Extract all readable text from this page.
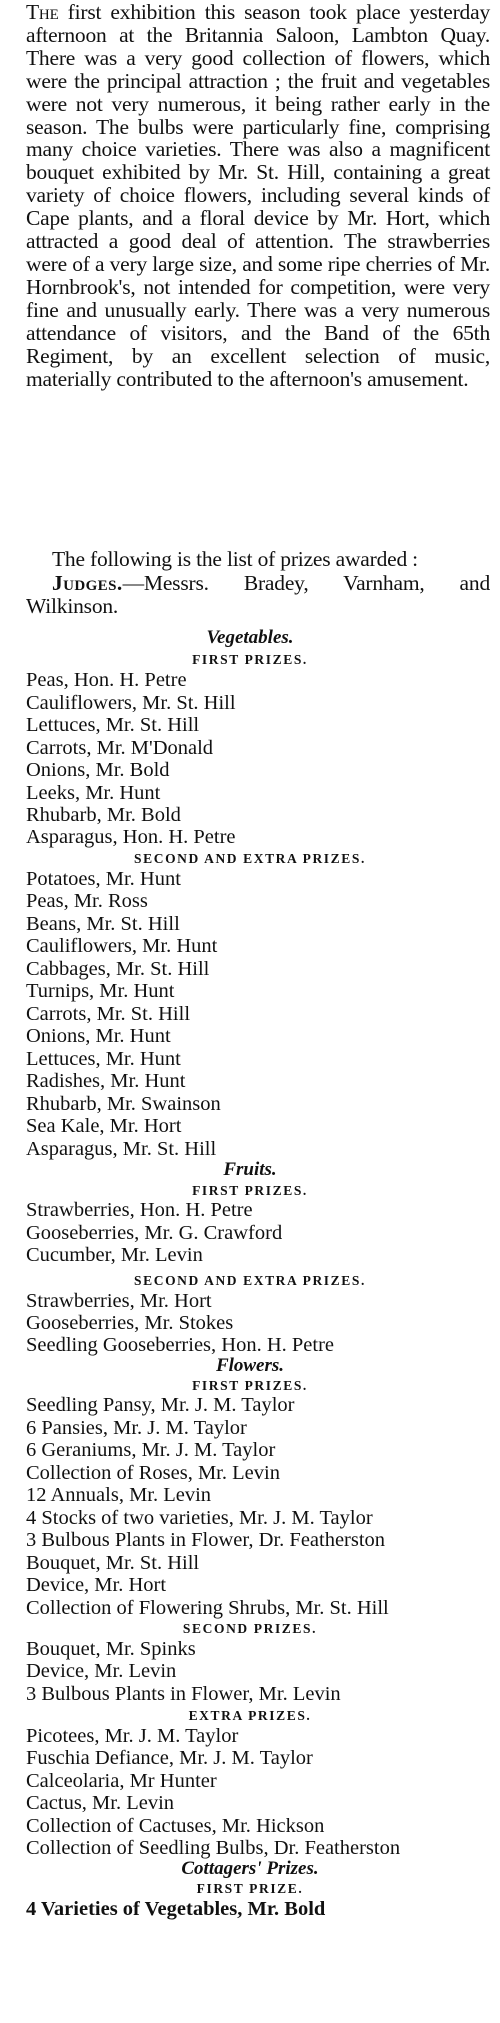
The first exhibition this season took place yesterday afternoon at the Britannia Saloon, Lambton Quay. There was a very good collection of flowers, which were the principal attraction ; the fruit and vegetables were not very numerous, it being rather early in the season. The bulbs were particularly fine, comprising many choice varieties. There was also a magnificent bouquet exhibited by Mr. St. Hill, containing a great variety of choice flowers, including several kinds of Cape plants, and a floral device by Mr. Hort, which attracted a good deal of attention. The strawberries were of a very large size, and some ripe cherries of Mr. Hornbrook's, not intended for competition, were very fine and unusually early. There was a very numerous attendance of visitors, and the Band of the 65th Regiment, by an excellent selection of music, materially contributed to the afternoon's amusement.

The following is the list of prizes awarded :

Judges.—Messrs. Bradey, Varnham, and Wilkinson.

Vegetables.
FIRST PRIZES.
Peas, Hon. H. Petre
Cauliflowers, Mr. St. Hill
Lettuces, Mr. St. Hill
Carrots, Mr. M'Donald
Onions, Mr. Bold
Leeks, Mr. Hunt
Rhubarb, Mr. Bold
Asparagus, Hon. H. Petre
SECOND AND EXTRA PRIZES.
Potatoes, Mr. Hunt
Peas, Mr. Ross
Beans, Mr. St. Hill
Cauliflowers, Mr. Hunt
Cabbages, Mr. St. Hill
Turnips, Mr. Hunt
Carrots, Mr. St. Hill
Onions, Mr. Hunt
Lettuces, Mr. Hunt
Radishes, Mr. Hunt
Rhubarb, Mr. Swainson
Sea Kale, Mr. Hort
Asparagus, Mr. St. Hill
Fruits.
FIRST PRIZES.
Strawberries, Hon. H. Petre
Gooseberries, Mr. G. Crawford
Cucumber, Mr. Levin
SECOND AND EXTRA PRIZES.
Strawberries, Mr. Hort
Gooseberries, Mr. Stokes
Seedling Gooseberries, Hon. H. Petre
Flowers.
FIRST PRIZES.
Seedling Pansy, Mr. J. M. Taylor
6 Pansies, Mr. J. M. Taylor
6 Geraniums, Mr. J. M. Taylor
Collection of Roses, Mr. Levin
12 Annuals, Mr. Levin
4 Stocks of two varieties, Mr. J. M. Taylor
3 Bulbous Plants in Flower, Dr. Featherston
Bouquet, Mr. St. Hill
Device, Mr. Hort
Collection of Flowering Shrubs, Mr. St. Hill
SECOND PRIZES.
Bouquet, Mr. Spinks
Device, Mr. Levin
3 Bulbous Plants in Flower, Mr. Levin
EXTRA PRIZES.
Picotees, Mr. J. M. Taylor
Fuschia Defiance, Mr. J. M. Taylor
Calceolaria, Mr Hunter
Cactus, Mr. Levin
Collection of Cactuses, Mr. Hickson
Collection of Seedling Bulbs, Dr. Featherston
Cottagers' Prizes.
FIRST PRIZE.
4 Varieties of Vegetables, Mr. Bold
